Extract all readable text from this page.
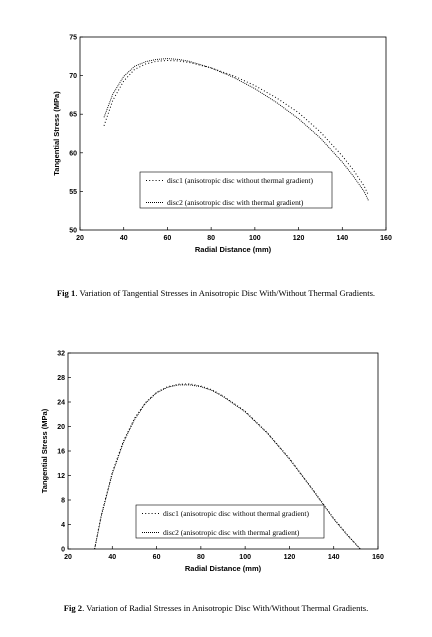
20	40	60	80	100	120	140	160
50
55
60
65
70
75
Radial Distance (mm)
Tangential Stress (MPa)
disc1 (anisotropic disc without thermal gradient)
disc2 (anisotropic disc with thermal gradient)
20	40	60	80	100	120	140	160
0
4
8
12
16
20
24
28
32
Radial Distance (mm)
Tangential Stress (MPa)
disc1 (anisotropic disc without thermal gradient)
disc2 (anisotropic disc with thermal gradient)
Fig 1. Variation of Tangential Stresses in Anisotropic Disc With/Without Thermal Gradients.
Fig 2. Variation of Radial Stresses in Anisotropic Disc With/Without Thermal Gradients.
